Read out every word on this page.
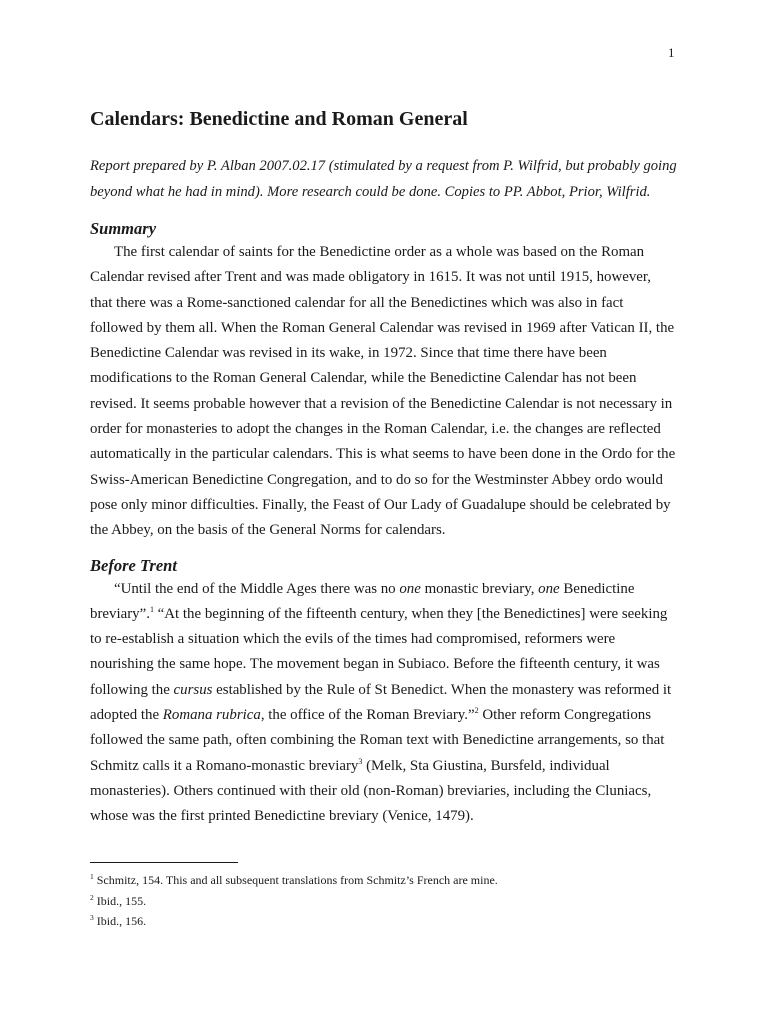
1
Calendars: Benedictine and Roman General

Report prepared by P. Alban 2007.02.17 (stimulated by a request from P. Wilfrid, but probably going beyond what he had in mind). More research could be done. Copies to PP. Abbot, Prior, Wilfrid.

Summary

The first calendar of saints for the Benedictine order as a whole was based on the Roman Calendar revised after Trent and was made obligatory in 1615. It was not until 1915, however, that there was a Rome-sanctioned calendar for all the Benedictines which was also in fact followed by them all. When the Roman General Calendar was revised in 1969 after Vatican II, the Benedictine Calendar was revised in its wake, in 1972. Since that time there have been modifications to the Roman General Calendar, while the Benedictine Calendar has not been revised. It seems probable however that a revision of the Benedictine Calendar is not necessary in order for monasteries to adopt the changes in the Roman Calendar, i.e. the changes are reflected automatically in the particular calendars. This is what seems to have been done in the Ordo for the Swiss-American Benedictine Congregation, and to do so for the Westminster Abbey ordo would pose only minor difficulties. Finally, the Feast of Our Lady of Guadalupe should be celebrated by the Abbey, on the basis of the General Norms for calendars.

Before Trent

“Until the end of the Middle Ages there was no one monastic breviary, one Benedictine breviary”.$^1$ “At the beginning of the fifteenth century, when they [the Benedictines] were seeking to re-establish a situation which the evils of the times had compromised, reformers were nourishing the same hope. The movement began in Subiaco. Before the fifteenth century, it was following the cursus established by the Rule of St Benedict. When the monastery was reformed it adopted the Romana rubrica, the office of the Roman Breviary.”$^2$ Other reform Congregations followed the same path, often combining the Roman text with Benedictine arrangements, so that Schmitz calls it a Romano-monastic breviary$^3$ (Melk, Sta Giustina, Bursfeld, individual monasteries). Others continued with their old (non-Roman) breviaries, including the Cluniacs, whose was the first printed Benedictine breviary (Venice, 1479).

$^1$ Schmitz, 154. This and all subsequent translations from Schmitz’s French are mine.
$^2$ Ibid., 155.
$^3$ Ibid., 156.
